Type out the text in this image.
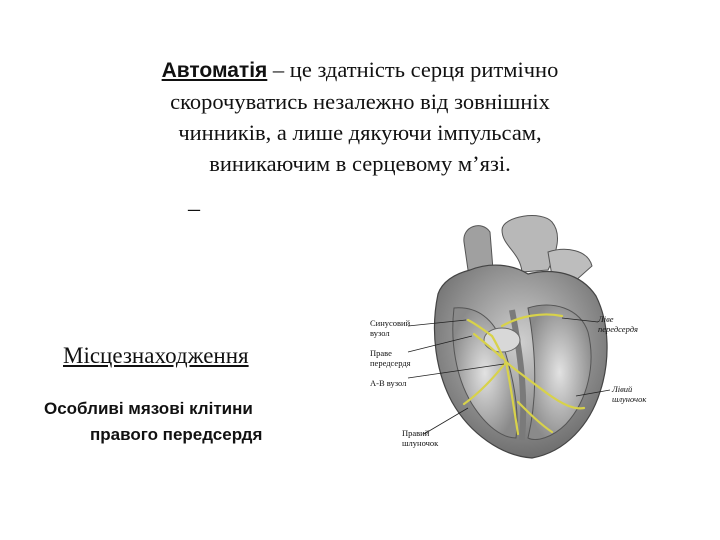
Автоматія – це здатність серця ритмічно
скорочуватись незалежно від зовнішніх
чинників, а лише дякуючи імпульсам,
виникаючим в серцевому м’язі.
–
Місцезнаходження
Особливі мязові клітини
правого передсердя
Синусовий
вузол
Праве
передсердя
А-В вузол
Правий
шлуночок
Ліве
передсердя
Лівий
шлуночок
